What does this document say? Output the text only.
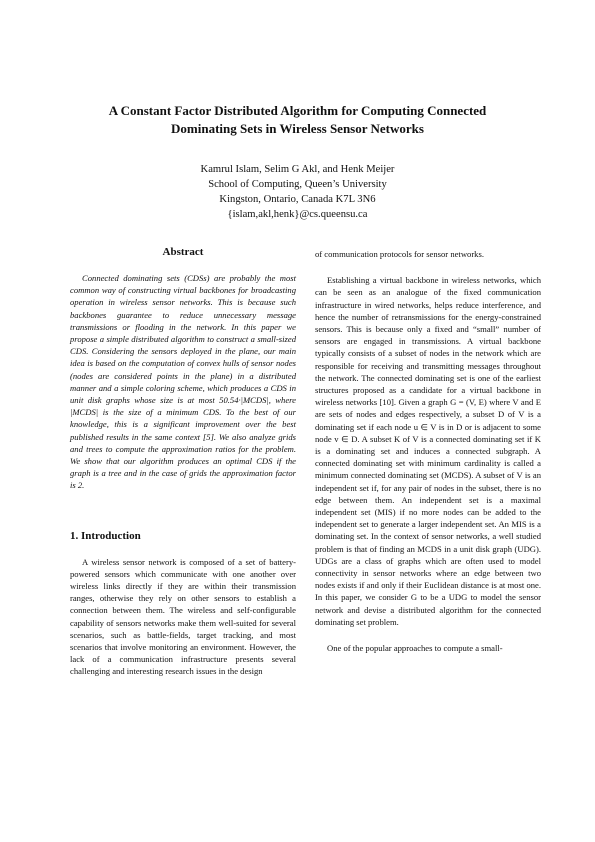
A Constant Factor Distributed Algorithm for Computing Connected
Dominating Sets in Wireless Sensor Networks
Kamrul Islam, Selim G Akl, and Henk Meijer
School of Computing, Queen’s University
Kingston, Ontario, Canada K7L 3N6
{islam,akl,henk}@cs.queensu.ca
Abstract

Connected dominating sets (CDSs) are probably the most common way of constructing virtual backbones for broadcasting operation in wireless sensor networks. This is because such backbones guarantee to reduce unnecessary message transmissions or flooding in the network. In this paper we propose a simple distributed algorithm to construct a small-sized CDS. Considering the sensors deployed in the plane, our main idea is based on the computation of convex hulls of sensor nodes (nodes are considered points in the plane) in a distributed manner and a simple coloring scheme, which produces a CDS in unit disk graphs whose size is at most 50.54·|MCDS|, where |MCDS| is the size of a minimum CDS. To the best of our knowledge, this is a significant improvement over the best published results in the same context [5]. We also analyze grids and trees to compute the approximation ratios for the problem. We show that our algorithm produces an optimal CDS if the graph is a tree and in the case of grids the approximation factor is 2.

1. Introduction

A wireless sensor network is composed of a set of battery-powered sensors which communicate with one another over wireless links directly if they are within their transmission ranges, otherwise they rely on other sensors to establish a connection between them. The wireless and self-configurable capability of sensors networks make them well-suited for several scenarios, such as battle-fields, target tracking, and most scenarios that involve monitoring an environment. However, the lack of a communication infrastructure presents several challenging and interesting research issues in the design

of communication protocols for sensor networks.

Establishing a virtual backbone in wireless networks, which can be seen as an analogue of the fixed communication infrastructure in wired networks, helps reduce interference, and hence the number of retransmissions for the energy-constrained sensors. This is because only a fixed and “small” number of sensors are engaged in transmissions. A virtual backbone typically consists of a subset of nodes in the network which are responsible for receiving and transmitting messages throughout the network. The connected dominating set is one of the earliest structures proposed as a candidate for a virtual backbone in wireless networks [10]. Given a graph G = (V, E) where V and E are sets of nodes and edges respectively, a subset D of V is a dominating set if each node u ∈ V is in D or is adjacent to some node v ∈ D. A subset K of V is a connected dominating set if K is a dominating set and induces a connected subgraph. A connected dominating set with minimum cardinality is called a minimum connected dominating set (MCDS). A subset of V is an independent set if, for any pair of nodes in the subset, there is no edge between them. An independent set is a maximal independent set (MIS) if no more nodes can be added to the independent set to generate a larger independent set. An MIS is a dominating set. In the context of sensor networks, a well studied problem is that of finding an MCDS in a unit disk graph (UDG). UDGs are a class of graphs which are often used to model connectivity in sensor networks where an edge between two nodes exists if and only if their Euclidean distance is at most one. In this paper, we consider G to be a UDG to model the sensor network and devise a distributed algorithm for the connected dominating set problem.

One of the popular approaches to compute a small-
